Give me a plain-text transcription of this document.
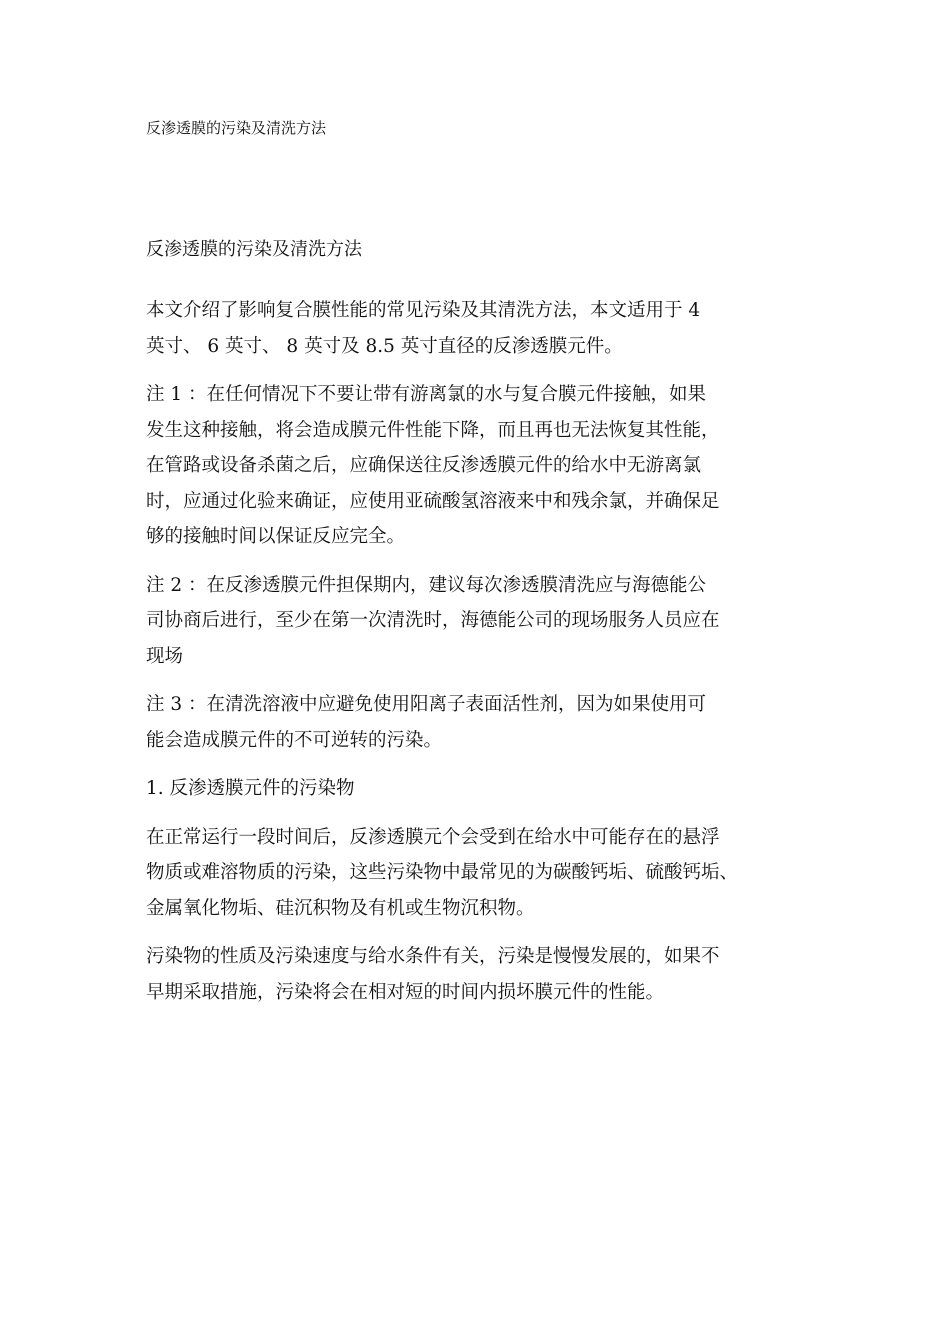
反渗透膜的污染及清洗方法
反渗透膜的污染及清洗方法
本文介绍了影响复合膜性能的常见污染及其清洗方法，本文适用于 4
英寸、 6 英寸、 8 英寸及 8.5 英寸直径的反渗透膜元件。
注 1 ：在任何情况下不要让带有游离氯的水与复合膜元件接触，如果
发生这种接触，将会造成膜元件性能下降，而且再也无法恢复其性能，
在管路或设备杀菌之后，应确保送往反渗透膜元件的给水中无游离氯
时，应通过化验来确证，应使用亚硫酸氢溶液来中和残余氯，并确保足
够的接触时间以保证反应完全。
注 2 ：在反渗透膜元件担保期内，建议每次渗透膜清洗应与海德能公
司协商后进行，至少在第一次清洗时，海德能公司的现场服务人员应在
现场
注 3 ：在清洗溶液中应避免使用阳离子表面活性剂，因为如果使用可
能会造成膜元件的不可逆转的污染。
1. 反渗透膜元件的污染物
在正常运行一段时间后，反渗透膜元个会受到在给水中可能存在的悬浮
物质或难溶物质的污染，这些污染物中最常见的为碳酸钙垢、硫酸钙垢、
金属氧化物垢、硅沉积物及有机或生物沉积物。
污染物的性质及污染速度与给水条件有关，污染是慢慢发展的，如果不
早期采取措施，污染将会在相对短的时间内损坏膜元件的性能。
